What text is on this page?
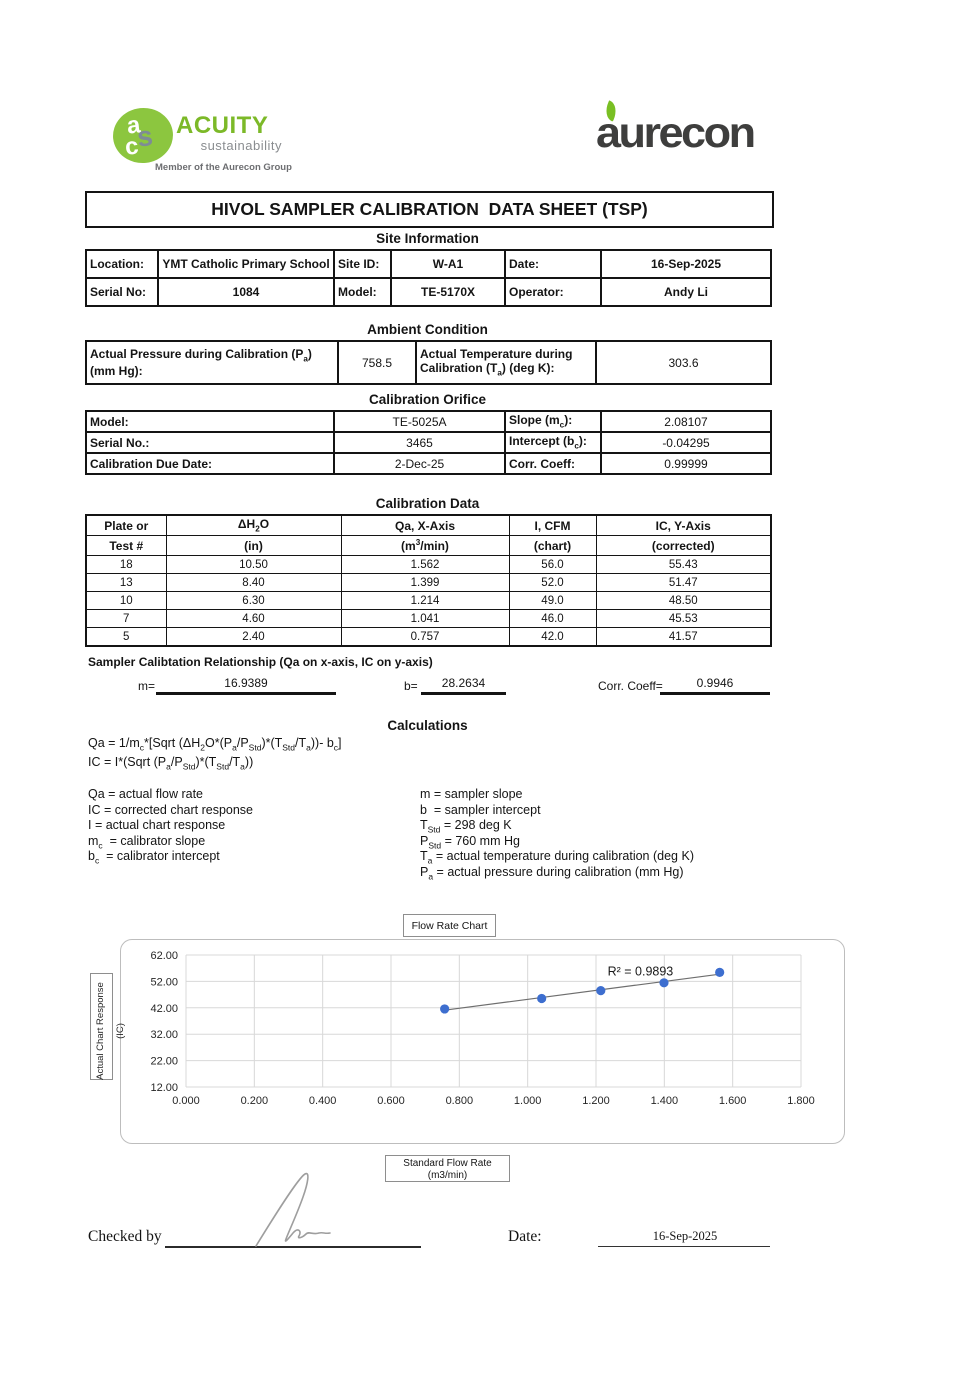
a
s
c
ACUITY
sustainability
Member of the Aurecon Group
aurecon
HIVOL SAMPLER CALIBRATION  DATA SHEET (TSP)
Site Information
Location:	YMT Catholic Primary School	Site ID:	W-A1	Date:	16-Sep-2025
Serial No:	1084	Model:	TE-5170X	Operator:	Andy Li
Ambient Condition
Actual Pressure during Calibration $(P_a)$ (mm Hg):	758.5	Actual Temperature during Calibration $(T_a)$ (deg K):	303.6
Calibration Orifice
Model:	TE-5025A	Slope $(m_c)$:	2.08107
Serial No.:	3465	Intercept $(b_c)$:	-0.04295
Calibration Due Date:	2-Dec-25	Corr. Coeff:	0.99999
Calibration Data
Plate or	$\Delta H_2O$	Qa, X-Axis	I, CFM	IC, Y-Axis
Test #	(in)	$(m^3/\min)$	(chart)	(corrected)
18	10.50	1.562	56.0	55.43
13	8.40	1.399	52.0	51.47
10	6.30	1.214	49.0	48.50
7	4.60	1.041	46.0	45.53
5	2.40	0.757	42.0	41.57
Sampler Calibtation Relationship (Qa on x-axis, IC on y-axis)
m=	16.9389	b=	28.2634	Corr. Coeff=	0.9946
Calculations
$Qa = 1/m_c*[Sqrt$ $(\Delta H_2O*(P_a/P_{Std})*(T_{Std}/T_a))-$ $b_c$]
IC = I*(Sqrt $(P_a/P_{Std})*(T_{Std}/T_a)$)
Qa = actual flow rate
IC = corrected chart response
I = actual chart response
$m_c$  = calibrator slope
$b_c$  = calibrator intercept
m = sampler slope
b  = sampler intercept
$T_{Std} = 298$ deg K
$P_{Std} = 760$ mm Hg
$T_a$ = actual temperature during calibration (deg K)
$P_a$ = actual pressure during calibration (mm Hg)
Flow Rate Chart
0.000	0.200	0.400	0.600	0.800	1.000	1.200	1.400	1.600	1.800
12.00
22.00
32.00
42.00
52.00
62.00
R² = 0.9893
Actual Chart Response (IC)
Standard Flow Rate
(m3/min)
Checked by	Date:	16-Sep-2025
